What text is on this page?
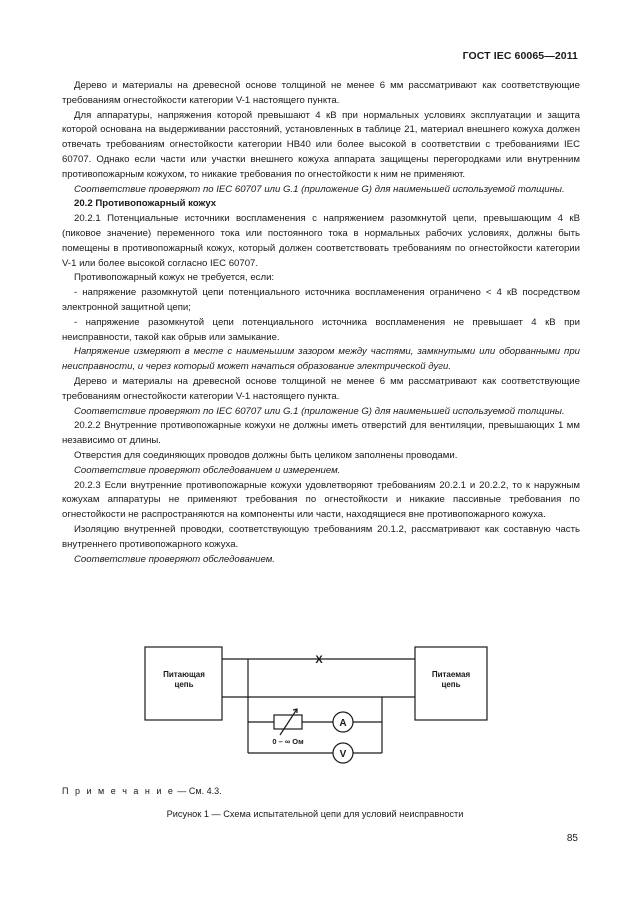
ГОСТ IEC 60065—2011

Дерево и материалы на древесной основе толщиной не менее 6 мм рассматривают как соответствующие требованиям огнестойкости категории V-1 настоящего пункта.

Для аппаратуры, напряжения которой превышают 4 кВ при нормальных условиях эксплуатации и защита которой основана на выдерживании расстояний, установленных в таблице 21, материал внешнего кожуха должен отвечать требованиям огнестойкости категории HB40 или более высокой в соответствии с требованиями IEC 60707. Однако если части или участки внешнего кожуха аппарата защищены перегородками или внутренним противопожарным кожухом, то никакие требования по огнестойкости к ним не применяют.

Соответствие проверяют по IEC 60707 или G.1 (приложение G) для наименьшей используемой толщины.

20.2 Противопожарный кожух

20.2.1 Потенциальные источники воспламенения с напряжением разомкнутой цепи, превышающим 4 кВ (пиковое значение) переменного тока или постоянного тока в нормальных рабочих условиях, должны быть помещены в противопожарный кожух, который должен соответствовать требованиям по огнестойкости категории V-1 или более высокой согласно IEC 60707.

Противопожарный кожух не требуется, если:

- напряжение разомкнутой цепи потенциального источника воспламенения ограничено < 4 кВ посредством электронной защитной цепи;

- напряжение разомкнутой цепи потенциального источника воспламенения не превышает 4 кВ при неисправности, такой как обрыв или замыкание.

Напряжение измеряют в месте с наименьшим зазором между частями, замкнутыми или оборванными при неисправности, и через который может начаться образование электрической дуги.

Дерево и материалы на древесной основе толщиной не менее 6 мм рассматривают как соответствующие требованиям огнестойкости категории V-1 настоящего пункта.

Соответствие проверяют по IEC 60707 или G.1 (приложение G) для наименьшей используемой толщины.

20.2.2 Внутренние противопожарные кожухи не должны иметь отверстий для вентиляции, превышающих 1 мм независимо от длины.

Отверстия для соединяющих проводов должны быть целиком заполнены проводами.

Соответствие проверяют обследованием и измерением.

20.2.3 Если внутренние противопожарные кожухи удовлетворяют требованиям 20.2.1 и 20.2.2, то к наружным кожухам аппаратуры не применяют требования по огнестойкости и никакие пассивные требования по огнестойкости не распространяются на компоненты или части, находящиеся вне противопожарного кожуха.

Изоляцию внутренней проводки, соответствующую требованиям 20.1.2, рассматривают как составную часть внутреннего противопожарного кожуха.

Соответствие проверяют обследованием.

X
Питающая
цепь
Питаемая
цепь
A
V
0 – ∞ Ом
П р и м е ч а н и е — См. 4.3.
Рисунок 1 — Схема испытательной цепи для условий неисправности
85
